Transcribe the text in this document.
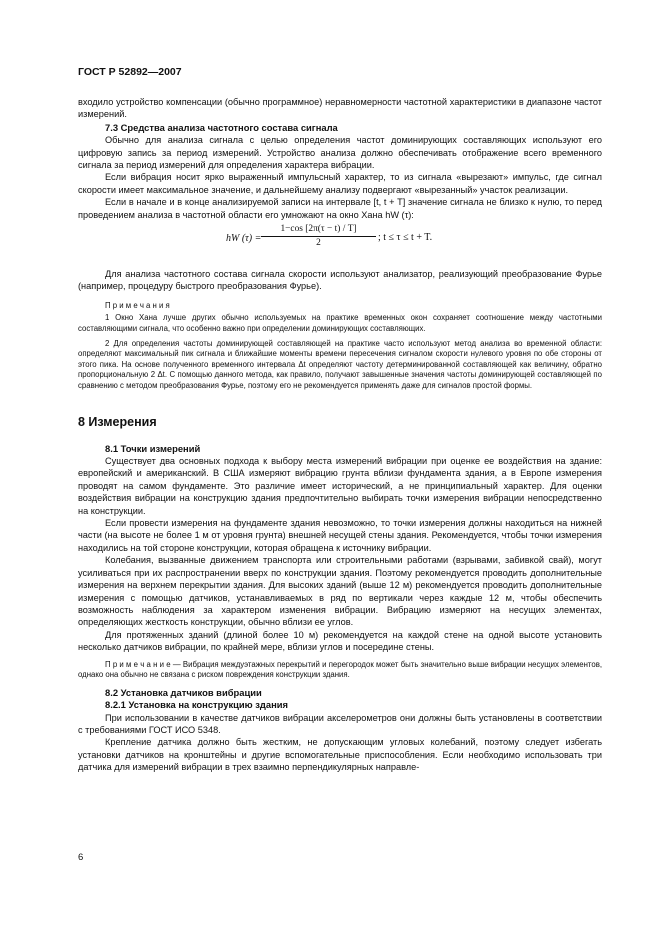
ГОСТ Р 52892—2007

входило устройство компенсации (обычно программное) неравномерности частотной характеристики в диапазоне частот измерений.

7.3 Средства анализа частотного состава сигнала

Обычно для анализа сигнала с целью определения частот доминирующих составляющих используют его цифровую запись за период измерений. Устройство анализа должно обеспечивать отображение всего временного сигнала за период измерений для определения характера вибрации.

Если вибрация носит ярко выраженный импульсный характер, то из сигнала «вырезают» импульс, где сигнал скорости имеет максимальное значение, и дальнейшему анализу подвергают «вырезанный» участок реализации.

Если в начале и в конце анализируемой записи на интервале [t, t + T] значение сигнала не близко к нулю, то перед проведением анализа в частотной области его умножают на окно Хана hW (τ):

hW $(\tau) = \frac{1-\cos [2\pi(\tau - t) / T]}{2}$ ; t ≤ τ ≤ t + T.

Для анализа частотного состава сигнала скорости используют анализатор, реализующий преобразование Фурье (например, процедуру быстрого преобразования Фурье).

П р и м е ч а н и я

1 Окно Хана лучше других обычно используемых на практике временных окон сохраняет соотношение между частотными составляющими сигнала, что особенно важно при определении доминирующих составляющих.

2 Для определения частоты доминирующей составляющей на практике часто используют метод анализа во временной области: определяют максимальный пик сигнала и ближайшие моменты времени пересечения сигналом скорости нулевого уровня по обе стороны от этого пика. На основе полученного временного интервала Δt определяют частоту детерминированной составляющей как величину, обратно пропорциональную 2 Δt. С помощью данного метода, как правило, получают завышенные значения частоты доминирующей составляющей по сравнению с методом преобразования Фурье, поэтому его не рекомендуется применять даже для сигналов простой формы.

8 Измерения

8.1 Точки измерений

Существует два основных подхода к выбору места измерений вибрации при оценке ее воздействия на здание: европейский и американский. В США измеряют вибрацию грунта вблизи фундамента здания, а в Европе измерения проводят на самом фундаменте. Это различие имеет исторический, а не принципиальный характер. Для оценки воздействия вибрации на конструкцию здания предпочтительно выбирать точки измерения вибрации непосредственно на конструкции.

Если провести измерения на фундаменте здания невозможно, то точки измерения должны находиться на нижней части (на высоте не более 1 м от уровня грунта) внешней несущей стены здания. Рекомендуется, чтобы точки измерения находились на той стороне конструкции, которая обращена к источнику вибрации.

Колебания, вызванные движением транспорта или строительными работами (взрывами, забивкой свай), могут усиливаться при их распространении вверх по конструкции здания. Поэтому рекомендуется проводить дополнительные измерения на верхнем перекрытии здания. Для высоких зданий (выше 12 м) рекомендуется проводить дополнительные измерения с помощью датчиков, устанавливаемых в ряд по вертикали через каждые 12 м, чтобы обеспечить возможность наблюдения за характером изменения вибрации. Вибрацию измеряют на несущих элементах, определяющих жесткость конструкции, обычно вблизи ее углов.

Для протяженных зданий (длиной более 10 м) рекомендуется на каждой стене на одной высоте установить несколько датчиков вибрации, по крайней мере, вблизи углов и посередине стены.

П р и м е ч а н и е — Вибрация междуэтажных перекрытий и перегородок может быть значительно выше вибрации несущих элементов, однако она обычно не связана с риском повреждения конструкции здания.

8.2 Установка датчиков вибрации

8.2.1 Установка на конструкцию здания

При использовании в качестве датчиков вибрации акселерометров они должны быть установлены в соответствии с требованиями ГОСТ ИСО 5348.

Крепление датчика должно быть жестким, не допускающим угловых колебаний, поэтому следует избегать установки датчиков на кронштейны и другие вспомогательные приспособления. Если необходимо использовать три датчика для измерений вибрации в трех взаимно перпендикулярных направле-

6
